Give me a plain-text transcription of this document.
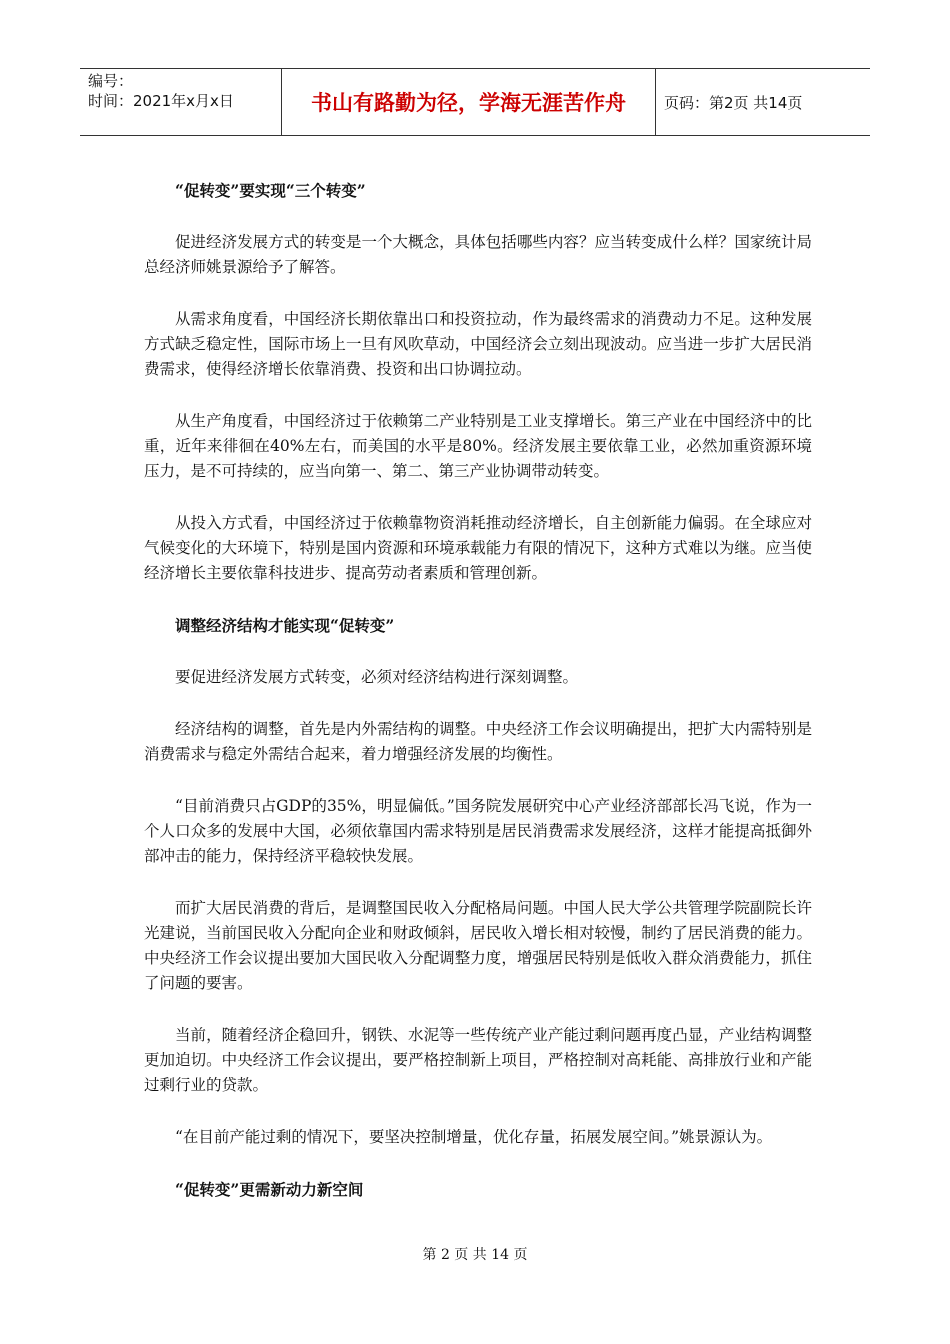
编号：
时间：2021年x月x日	书山有路勤为径，学海无涯苦作舟	页码：第2页 共14页
“促转变”要实现“三个转变”

促进经济发展方式的转变是一个大概念，具体包括哪些内容？应当转变成什么样？国家统计局总经济师姚景源给予了解答。

从需求角度看，中国经济长期依靠出口和投资拉动，作为最终需求的消费动力不足。这种发展方式缺乏稳定性，国际市场上一旦有风吹草动，中国经济会立刻出现波动。应当进一步扩大居民消费需求，使得经济增长依靠消费、投资和出口协调拉动。

从生产角度看，中国经济过于依赖第二产业特别是工业支撑增长。第三产业在中国经济中的比重，近年来徘徊在40%左右，而美国的水平是80%。经济发展主要依靠工业，必然加重资源环境压力，是不可持续的，应当向第一、第二、第三产业协调带动转变。

从投入方式看，中国经济过于依赖靠物资消耗推动经济增长，自主创新能力偏弱。在全球应对气候变化的大环境下，特别是国内资源和环境承载能力有限的情况下，这种方式难以为继。应当使经济增长主要依靠科技进步、提高劳动者素质和管理创新。

调整经济结构才能实现“促转变”

要促进经济发展方式转变，必须对经济结构进行深刻调整。

经济结构的调整，首先是内外需结构的调整。中央经济工作会议明确提出，把扩大内需特别是消费需求与稳定外需结合起来，着力增强经济发展的均衡性。

“目前消费只占GDP的35%，明显偏低。”国务院发展研究中心产业经济部部长冯飞说，作为一个人口众多的发展中大国，必须依靠国内需求特别是居民消费需求发展经济，这样才能提高抵御外部冲击的能力，保持经济平稳较快发展。

而扩大居民消费的背后，是调整国民收入分配格局问题。中国人民大学公共管理学院副院长许光建说，当前国民收入分配向企业和财政倾斜，居民收入增长相对较慢，制约了居民消费的能力。中央经济工作会议提出要加大国民收入分配调整力度，增强居民特别是低收入群众消费能力，抓住了问题的要害。

当前，随着经济企稳回升，钢铁、水泥等一些传统产业产能过剩问题再度凸显，产业结构调整更加迫切。中央经济工作会议提出，要严格控制新上项目，严格控制对高耗能、高排放行业和产能过剩行业的贷款。

“在目前产能过剩的情况下，要坚决控制增量，优化存量，拓展发展空间。”姚景源认为。

“促转变”更需新动力新空间
第 2 页 共 14 页
